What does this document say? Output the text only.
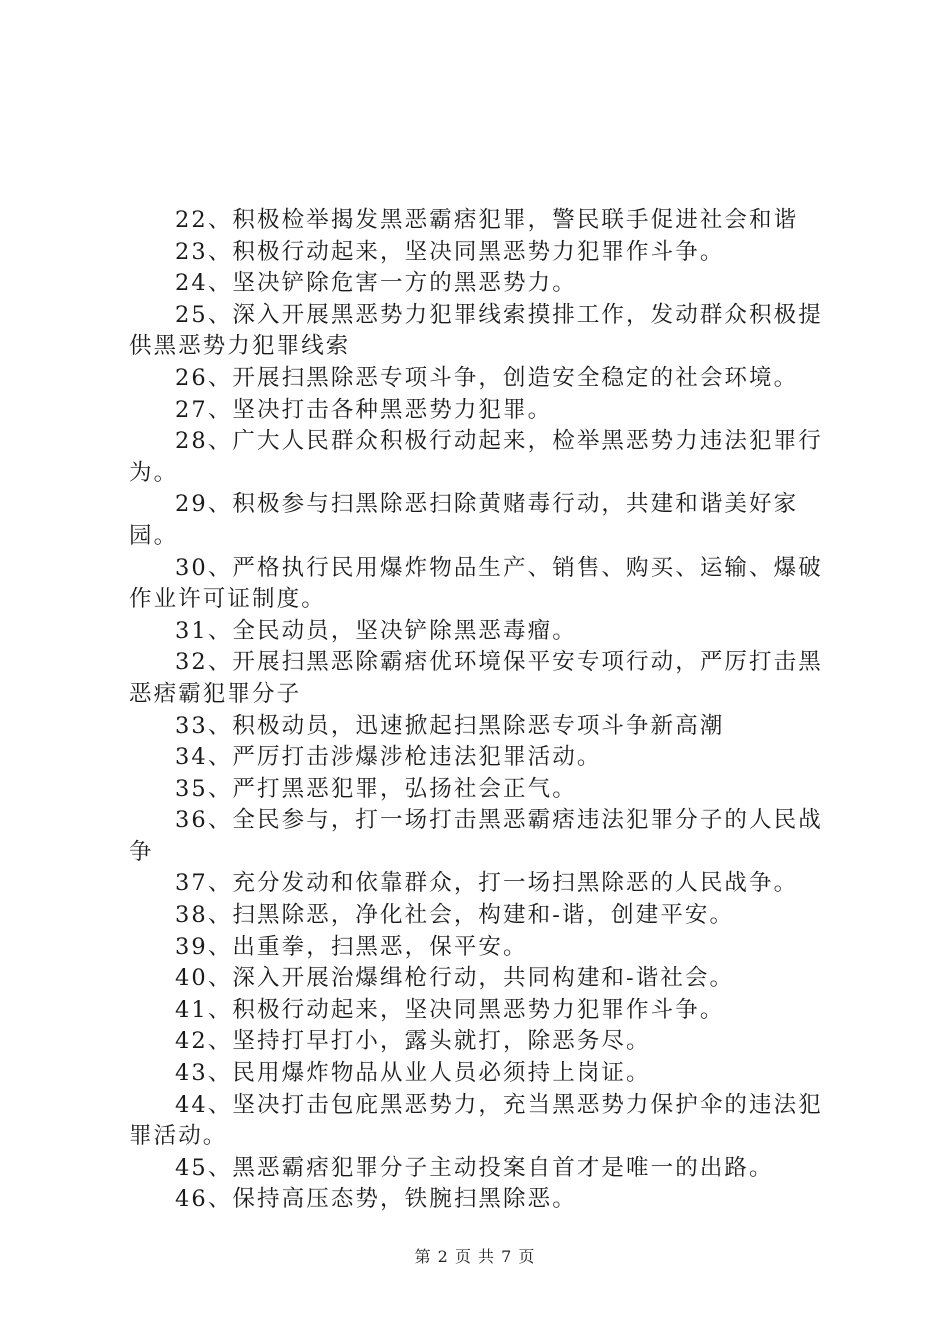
22、积极检举揭发黑恶霸痞犯罪，警民联手促进社会和谐

23、积极行动起来，坚决同黑恶势力犯罪作斗争。

24、坚决铲除危害一方的黑恶势力。

25、深入开展黑恶势力犯罪线索摸排工作，发动群众积极提供黑恶势力犯罪线索

26、开展扫黑除恶专项斗争，创造安全稳定的社会环境。

27、坚决打击各种黑恶势力犯罪。

28、广大人民群众积极行动起来，检举黑恶势力违法犯罪行为。

29、积极参与扫黑除恶扫除黄赌毒行动，共建和谐美好家园。

30、严格执行民用爆炸物品生产、销售、购买、运输、爆破作业许可证制度。

31、全民动员，坚决铲除黑恶毒瘤。

32、开展扫黑恶除霸痞优环境保平安专项行动，严厉打击黑恶痞霸犯罪分子

33、积极动员，迅速掀起扫黑除恶专项斗争新高潮

34、严厉打击涉爆涉枪违法犯罪活动。

35、严打黑恶犯罪，弘扬社会正气。

36、全民参与，打一场打击黑恶霸痞违法犯罪分子的人民战争

37、充分发动和依靠群众，打一场扫黑除恶的人民战争。

38、扫黑除恶，净化社会，构建和-谐，创建平安。

39、出重拳，扫黑恶，保平安。

40、深入开展治爆缉枪行动，共同构建和-谐社会。

41、积极行动起来，坚决同黑恶势力犯罪作斗争。

42、坚持打早打小，露头就打，除恶务尽。

43、民用爆炸物品从业人员必须持上岗证。

44、坚决打击包庇黑恶势力，充当黑恶势力保护伞的违法犯罪活动。

45、黑恶霸痞犯罪分子主动投案自首才是唯一的出路。

46、保持高压态势，铁腕扫黑除恶。

第 2 页 共 7 页
